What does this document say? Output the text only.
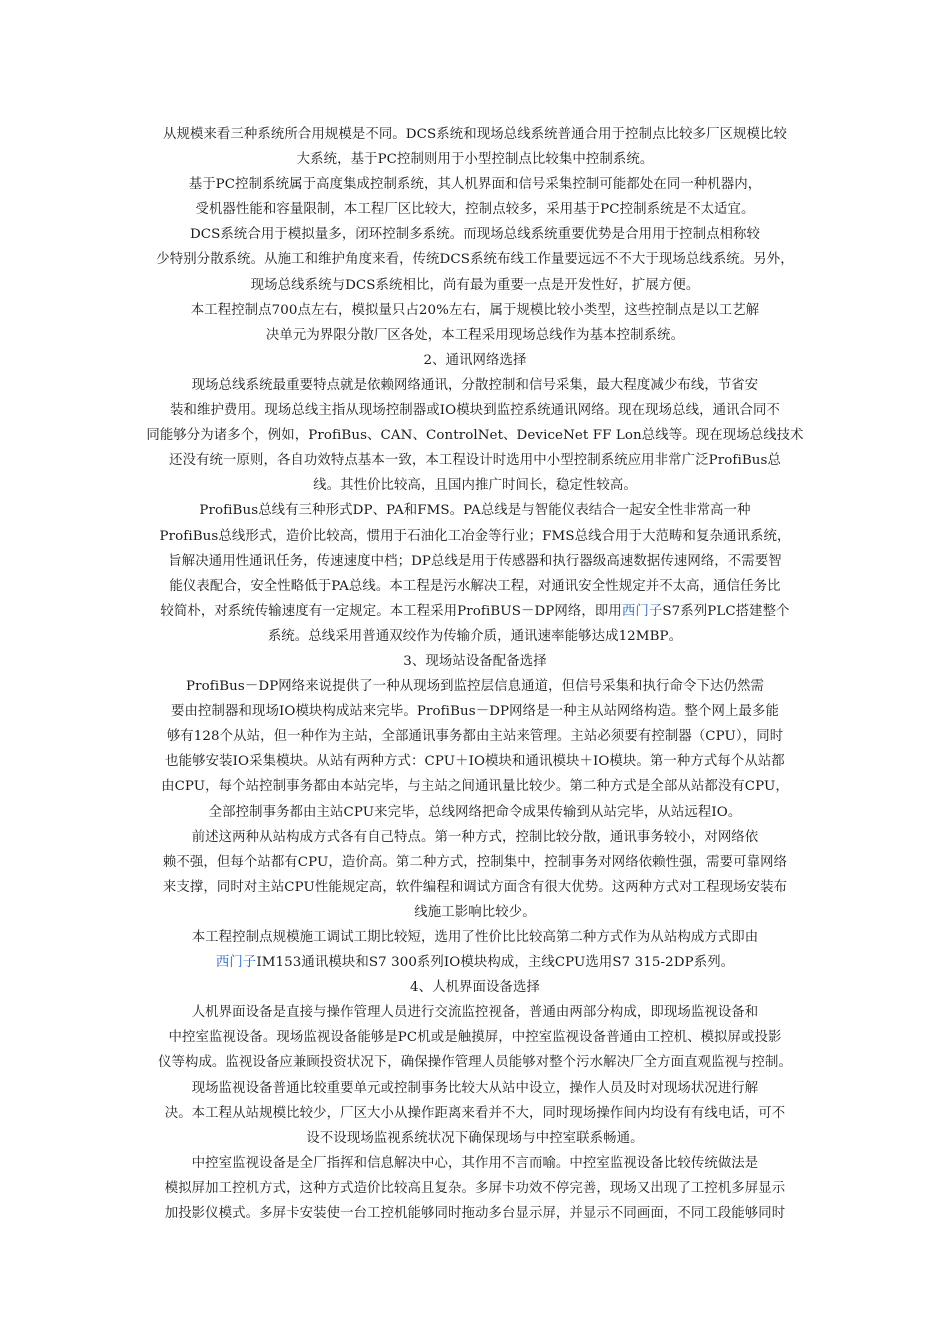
从规模来看三种系统所合用规模是不同。DCS系统和现场总线系统普通合用于控制点比较多厂区规模比较
大系统，基于PC控制则用于小型控制点比较集中控制系统。
基于PC控制系统属于高度集成控制系统，其人机界面和信号采集控制可能都处在同一种机器内，
受机器性能和容量限制，本工程厂区比较大，控制点较多，采用基于PC控制系统是不太适宜。
DCS系统合用于模拟量多，闭环控制多系统。而现场总线系统重要优势是合用用于控制点相称较
少特别分散系统。从施工和维护角度来看，传统DCS系统布线工作量要远远不不大于现场总线系统。另外，
现场总线系统与DCS系统相比，尚有最为重要一点是开发性好，扩展方便。
本工程控制点700点左右，模拟量只占20%左右，属于规模比较小类型，这些控制点是以工艺解
决单元为界限分散厂区各处，本工程采用现场总线作为基本控制系统。
2、通讯网络选择
现场总线系统最重要特点就是依赖网络通讯，分散控制和信号采集，最大程度减少布线，节省安
装和维护费用。现场总线主指从现场控制器或IO模块到监控系统通讯网络。现在现场总线，通讯合同不
同能够分为诸多个，例如，ProfiBus、CAN、ControlNet、DeviceNet FF Lon总线等。现在现场总线技术
还没有统一原则，各自功效特点基本一致，本工程设计时选用中小型控制系统应用非常广泛ProfiBus总
线。其性价比较高，且国内推广时间长，稳定性较高。
ProfiBus总线有三种形式DP、PA和FMS。PA总线是与智能仪表结合一起安全性非常高一种
ProfiBus总线形式，造价比较高，惯用于石油化工冶金等行业；FMS总线合用于大范畴和复杂通讯系统，
旨解决通用性通讯任务，传速速度中档；DP总线是用于传感器和执行器级高速数据传速网络，不需要智
能仪表配合，安全性略低于PA总线。本工程是污水解决工程，对通讯安全性规定并不太高，通信任务比
较简朴，对系统传输速度有一定规定。本工程采用ProfiBUS－DP网络，即用西门子S7系列PLC搭建整个
系统。总线采用普通双绞作为传输介质，通讯速率能够达成12MBP。
3、现场站设备配备选择
ProfiBus－DP网络来说提供了一种从现场到监控层信息通道，但信号采集和执行命令下达仍然需
要由控制器和现场IO模块构成站来完毕。ProfiBus－DP网络是一种主从站网络构造。整个网上最多能
够有128个从站，但一种作为主站，全部通讯事务都由主站来管理。主站必须要有控制器（CPU），同时
也能够安装IO采集模块。从站有两种方式：CPU＋IO模块和通讯模块＋IO模块。第一种方式每个从站都
由CPU，每个站控制事务都由本站完毕，与主站之间通讯量比较少。第二种方式是全部从站都没有CPU，
全部控制事务都由主站CPU来完毕，总线网络把命令成果传输到从站完毕，从站远程IO。
前述这两种从站构成方式各有自己特点。第一种方式，控制比较分散，通讯事务较小，对网络依
赖不强，但每个站都有CPU，造价高。第二种方式，控制集中，控制事务对网络依赖性强，需要可靠网络
来支撑，同时对主站CPU性能规定高，软件编程和调试方面含有很大优势。这两种方式对工程现场安装布
线施工影响比较少。
本工程控制点规模施工调试工期比较短，选用了性价比比较高第二种方式作为从站构成方式即由
西门子IM153通讯模块和S7 300系列IO模块构成，主线CPU选用S7 315-2DP系列。
4、人机界面设备选择
人机界面设备是直接与操作管理人员进行交流监控视备，普通由两部分构成，即现场监视设备和
中控室监视设备。现场监视设备能够是PC机或是触摸屏，中控室监视设备普通由工控机、模拟屏或投影
仪等构成。监视设备应兼顾投资状况下，确保操作管理人员能够对整个污水解决厂全方面直观监视与控制。
现场监视设备普通比较重要单元或控制事务比较大从站中设立，操作人员及时对现场状况进行解
决。本工程从站规模比较少，厂区大小从操作距离来看并不大，同时现场操作间内均设有有线电话，可不
设不设现场监视系统状况下确保现场与中控室联系畅通。
中控室监视设备是全厂指挥和信息解决中心，其作用不言而喻。中控室监视设备比较传统做法是
模拟屏加工控机方式，这种方式造价比较高且复杂。多屏卡功效不停完善，现场又出现了工控机多屏显示
加投影仪模式。多屏卡安装使一台工控机能够同时拖动多台显示屏，并显示不同画面，不同工段能够同时
